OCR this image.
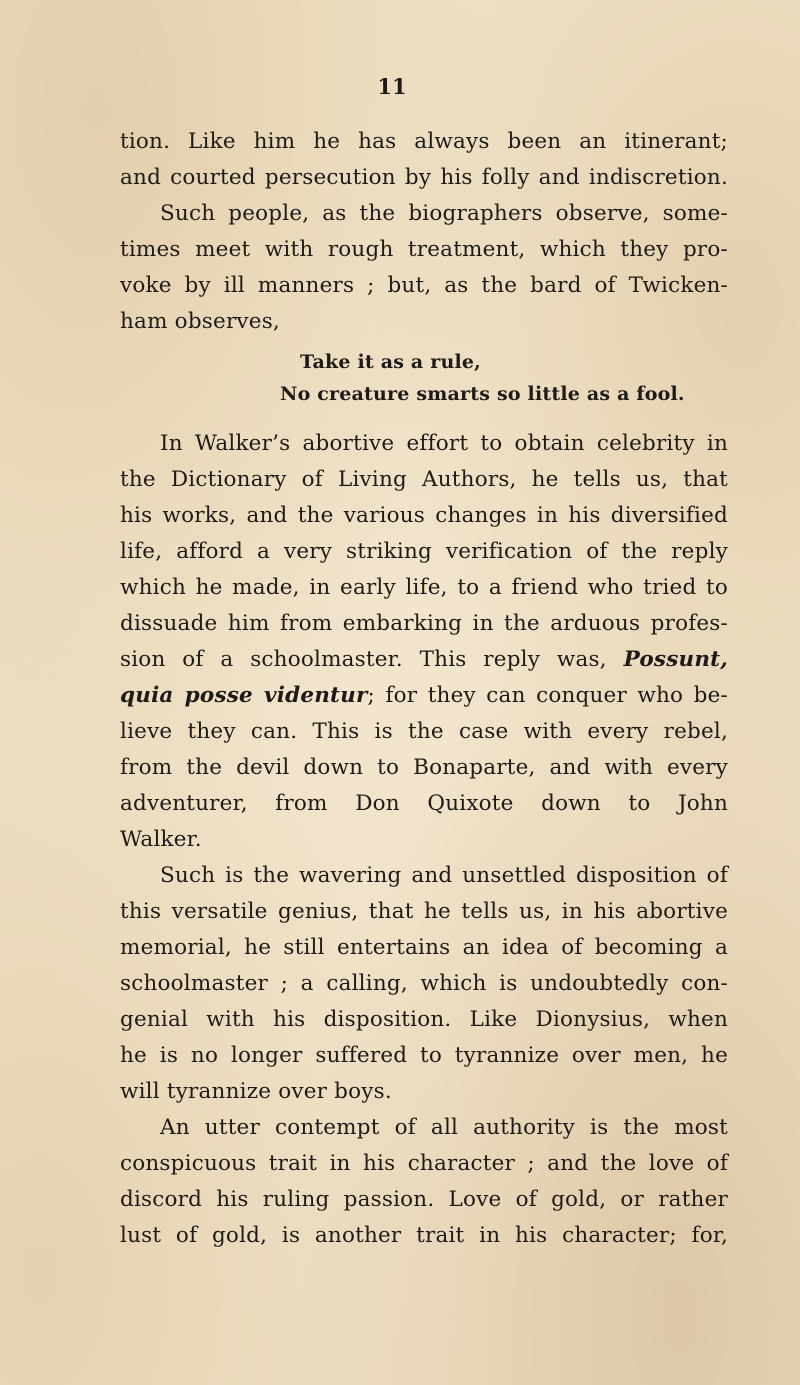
11
tion. Like him he has always been an itinerant;
and courted persecution by his folly and indiscretion.
Such people, as the biographers observe, some-
times meet with rough treatment, which they pro-
voke by ill manners ; but, as the bard of Twicken-
ham observes,
Take it as a rule,
No creature smarts so little as a fool.
In Walker’s abortive effort to obtain celebrity in
the Dictionary of Living Authors, he tells us, that
his works, and the various changes in his diversified
life, afford a very striking verification of the reply
which he made, in early life, to a friend who tried to
dissuade him from embarking in the arduous profes-
sion of a schoolmaster. This reply was, Possunt,
quia posse videntur; for they can conquer who be-
lieve they can. This is the case with every rebel,
from the devil down to Bonaparte, and with every
adventurer, from Don Quixote down to John
Walker.
Such is the wavering and unsettled disposition of
this versatile genius, that he tells us, in his abortive
memorial, he still entertains an idea of becoming a
schoolmaster ; a calling, which is undoubtedly con-
genial with his disposition. Like Dionysius, when
he is no longer suffered to tyrannize over men, he
will tyrannize over boys.
An utter contempt of all authority is the most
conspicuous trait in his character ; and the love of
discord his ruling passion. Love of gold, or rather
lust of gold, is another trait in his character; for,
